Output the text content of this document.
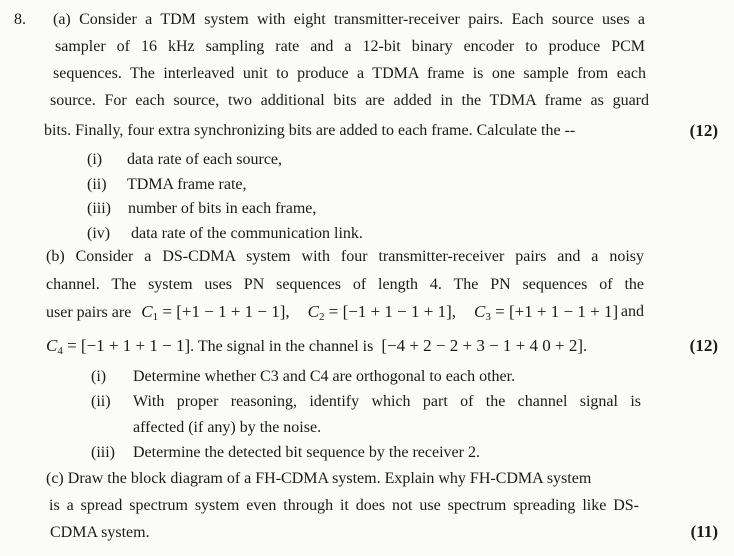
8. (a) Consider a TDM system with eight transmitter-receiver pairs. Each source uses a
sampler of 16 kHz sampling rate and a 12-bit binary encoder to produce PCM
sequences. The interleaved unit to produce a TDMA frame is one sample from each
source. For each source, two additional bits are added in the TDMA frame as guard
bits. Finally, four extra synchronizing bits are added to each frame. Calculate the --	(12)
(i) data rate of each source,
(ii) TDMA frame rate,
(iii) number of bits in each frame,
(iv) data rate of the communication link.
(b) Consider a DS-CDMA system with four transmitter-receiver pairs and a noisy
channel. The system uses PN sequences of length 4. The PN sequences of the
user pairs are $C_1 = [+1 - 1 + 1 - 1]$, $C_2 = [-1 + 1 - 1 + 1]$, $C_3 = [+1 + 1 - 1 + 1]$ and
$C_4 = [-1 + 1 + 1 - 1]$. The signal in the channel is [−4 + 2 − 2 + 3 − 1 + 4 0 + 2].	(12)
(i) Determine whether C3 and C4 are orthogonal to each other.
(ii) With proper reasoning, identify which part of the channel signal is
affected (if any) by the noise.
(iii) Determine the detected bit sequence by the receiver 2.
(c) Draw the block diagram of a FH-CDMA system. Explain why FH-CDMA system
is a spread spectrum system even through it does not use spectrum spreading like DS-
CDMA system.	(11)
